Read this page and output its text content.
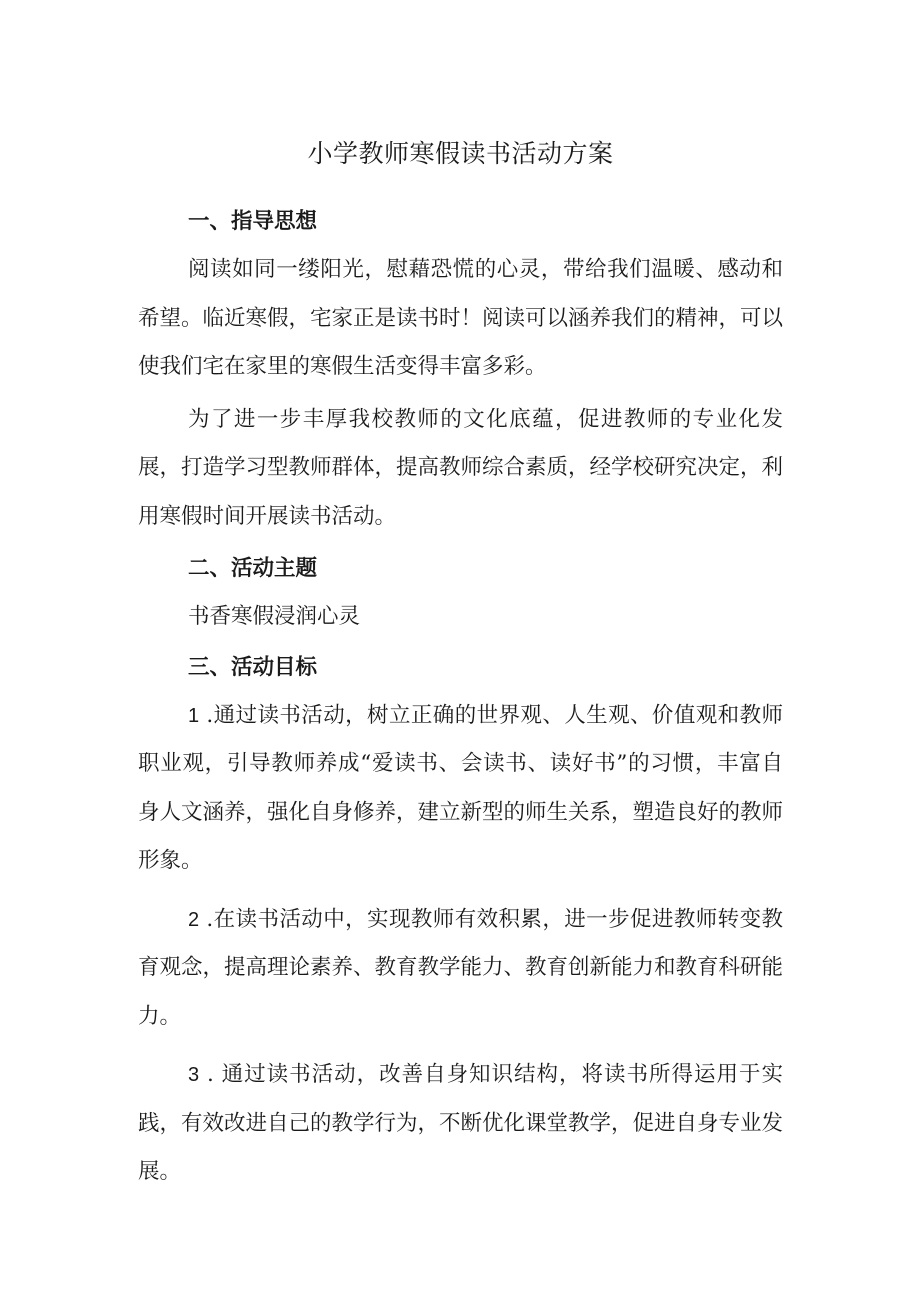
小学教师寒假读书活动方案
一、指导思想

阅读如同一缕阳光，慰藉恐慌的心灵，带给我们温暖、感动和希望。临近寒假，宅家正是读书时！阅读可以涵养我们的精神，可以使我们宅在家里的寒假生活变得丰富多彩。

为了进一步丰厚我校教师的文化底蕴，促进教师的专业化发展，打造学习型教师群体，提高教师综合素质，经学校研究决定，利用寒假时间开展读书活动。

二、活动主题

书香寒假浸润心灵

三、活动目标

1 .通过读书活动，树立正确的世界观、人生观、价值观和教师职业观，引导教师养成“爱读书、会读书、读好书”的习惯，丰富自身人文涵养，强化自身修养，建立新型的师生关系，塑造良好的教师形象。

2 .在读书活动中，实现教师有效积累，进一步促进教师转变教育观念，提高理论素养、教育教学能力、教育创新能力和教育科研能力。

3 . 通过读书活动，改善自身知识结构，将读书所得运用于实践，有效改进自己的教学行为，不断优化课堂教学，促进自身专业发展。
